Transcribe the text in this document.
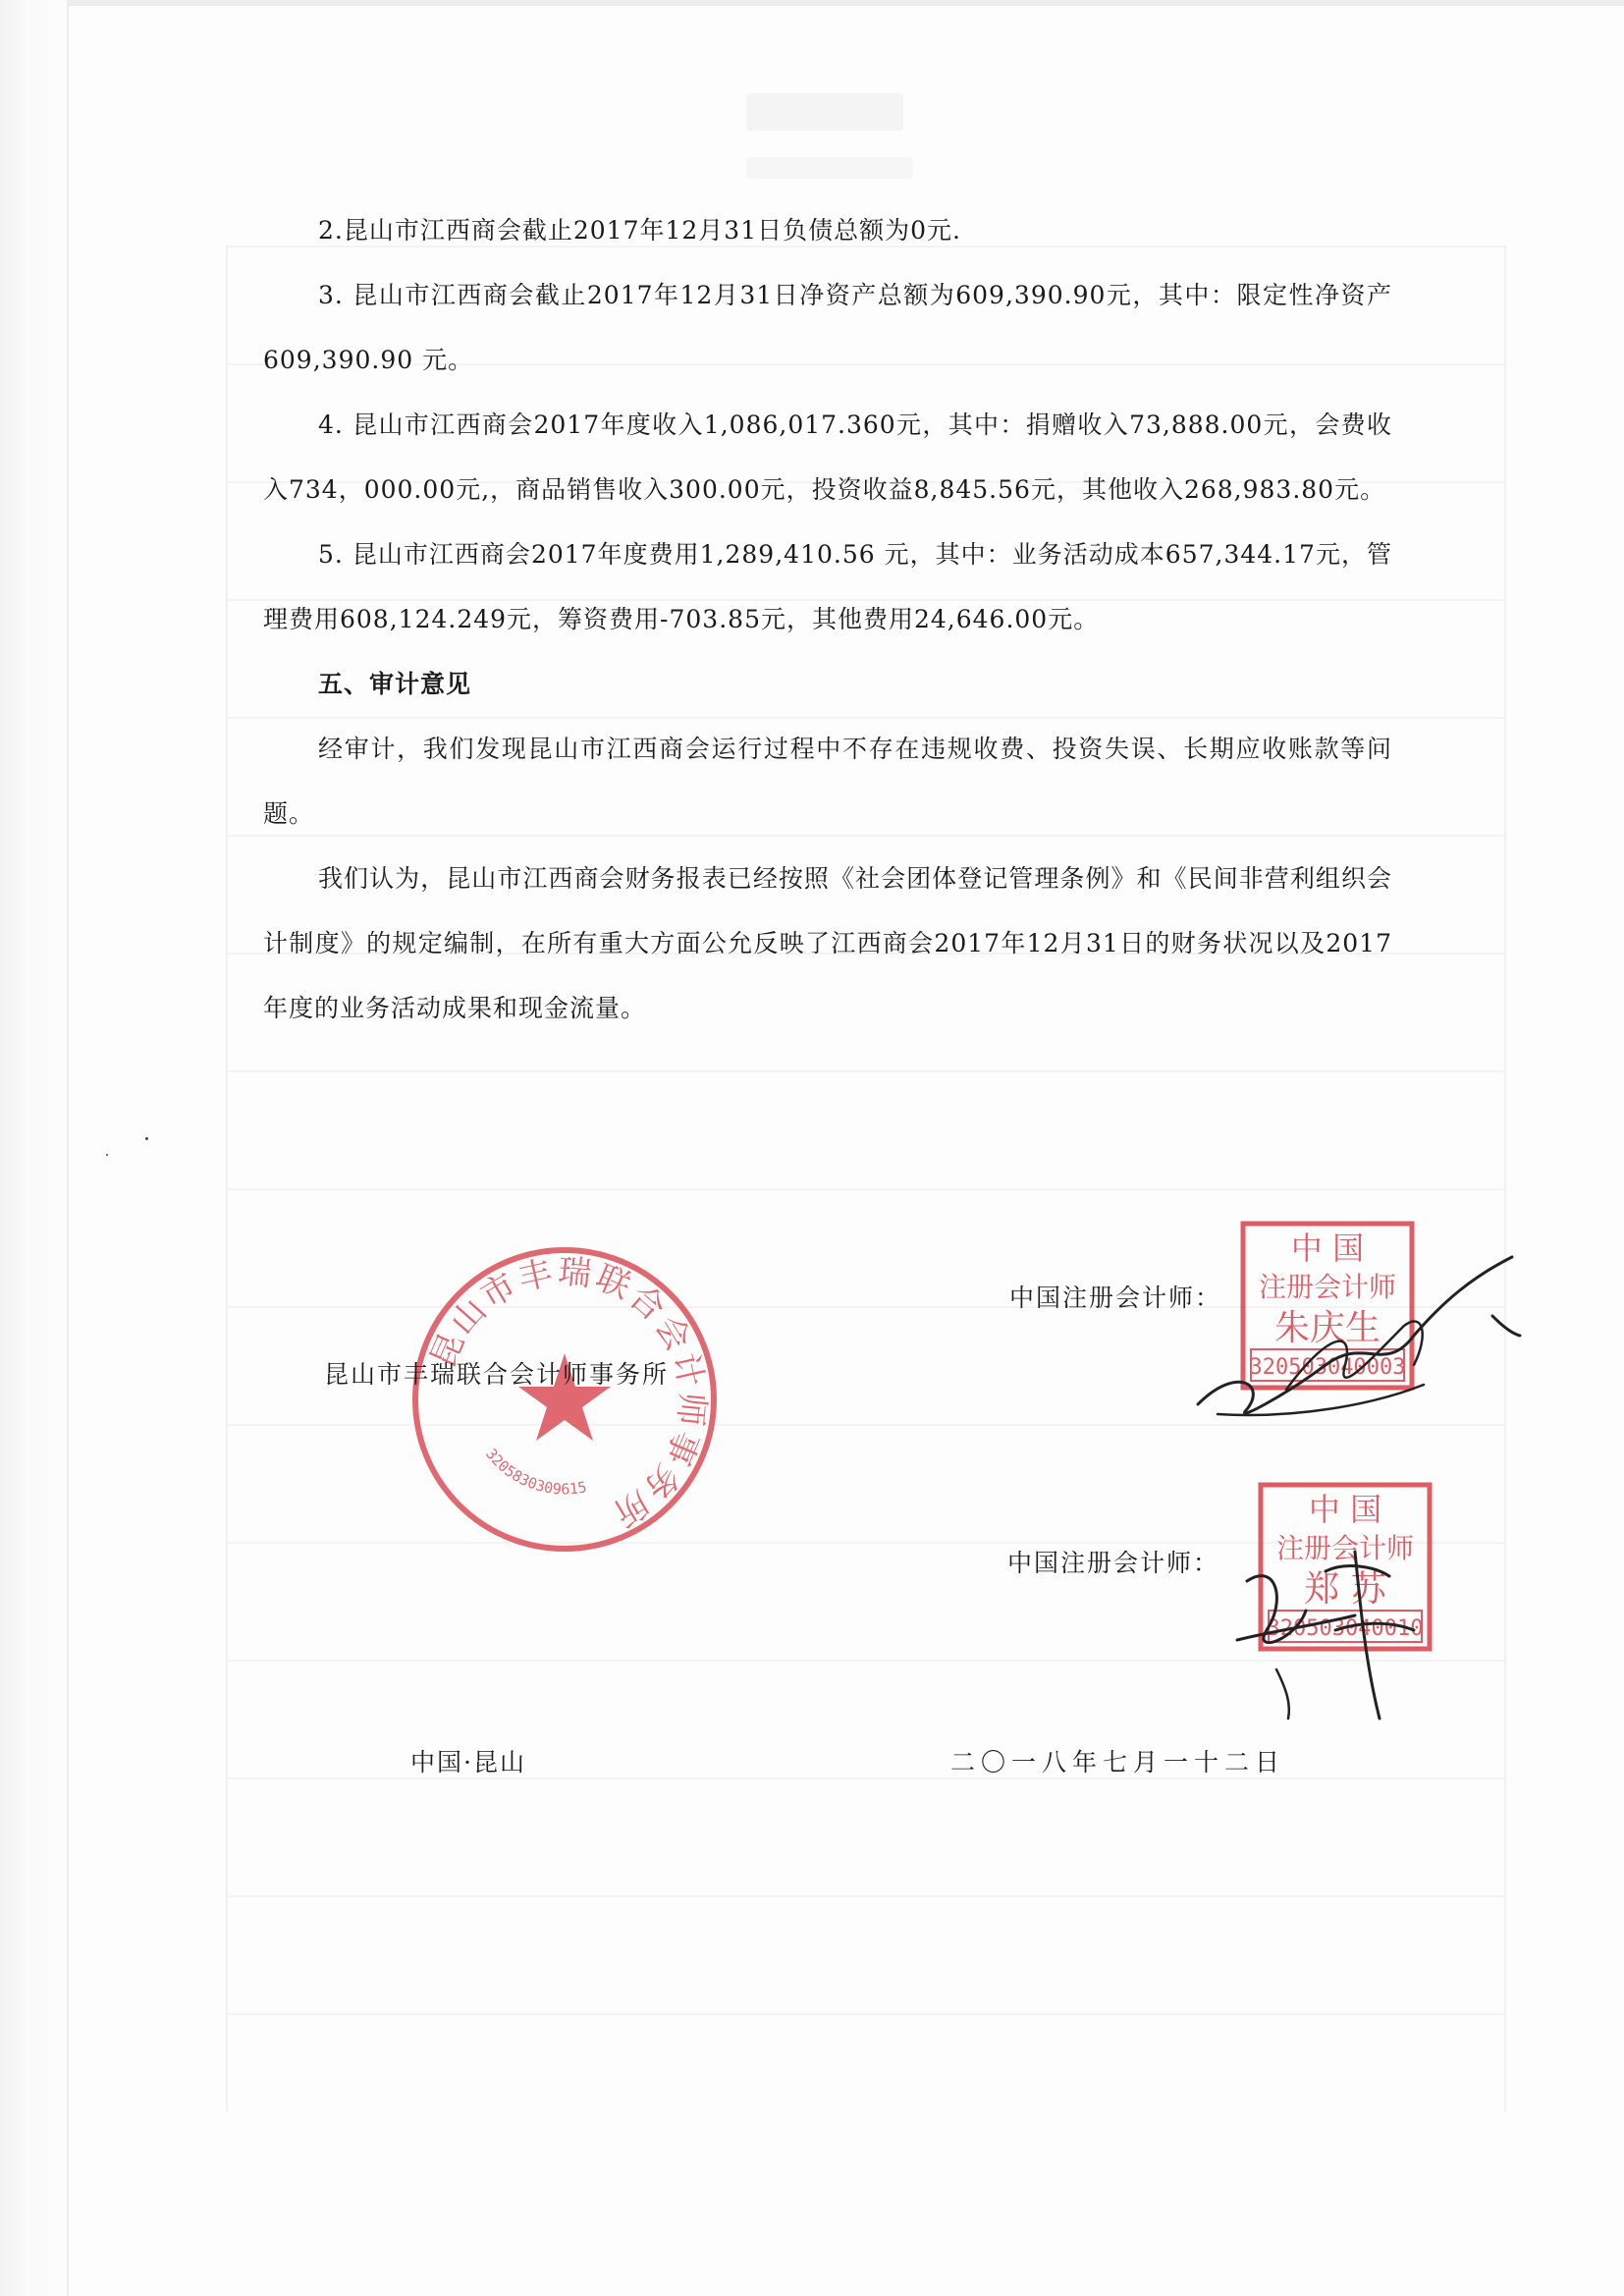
2.昆山市江西商会截止2017年12月31日负债总额为0元.

3. 昆山市江西商会截止2017年12月31日净资产总额为609,390.90元，其中：限定性净资产609,390.90 元。

4. 昆山市江西商会2017年度收入1,086,017.360元，其中：捐赠收入73,888.00元，会费收入734，000.00元,，商品销售收入300.00元，投资收益8,845.56元，其他收入268,983.80元。

5. 昆山市江西商会2017年度费用1,289,410.56 元，其中：业务活动成本657,344.17元，管理费用608,124.249元，筹资费用-703.85元，其他费用24,646.00元。

五、审计意见

经审计，我们发现昆山市江西商会运行过程中不存在违规收费、投资失误、长期应收账款等问题。

我们认为，昆山市江西商会财务报表已经按照《社会团体登记管理条例》和《民间非营利组织会计制度》的规定编制，在所有重大方面公允反映了江西商会2017年12月31日的财务状况以及2017年度的业务活动成果和现金流量。

昆山市丰瑞联合会计师事务所
3205830309615
昆山市丰瑞联合会计师事务所
中国注册会计师：
中 国
注册会计师
朱庆生
320503040003
中国注册会计师：
中 国
注册会计师
郑 苏
320503040010
中国·昆山	二〇一八年七月一十二日
